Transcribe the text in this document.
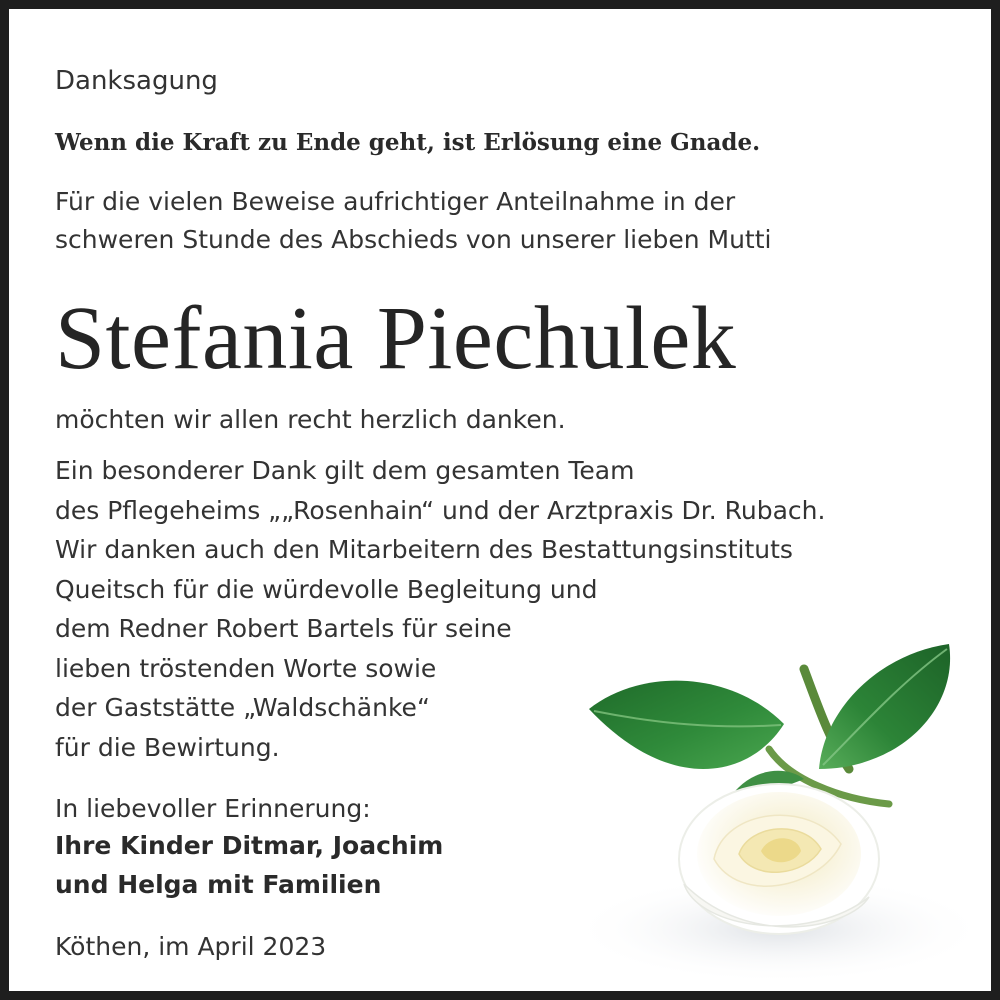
Danksagung
Wenn die Kraft zu Ende geht, ist Erlösung eine Gnade.
Für die vielen Beweise aufrichtiger Anteilnahme in der
schweren Stunde des Abschieds von unserer lieben Mutti
Stefania Piechulek
möchten wir allen recht herzlich danken.
Ein besonderer Dank gilt dem gesamten Team
des Pflegeheims „„Rosenhain“ und der Arztpraxis Dr. Rubach.
Wir danken auch den Mitarbeitern des Bestattungsinstituts
Queitsch für die würdevolle Begleitung und
dem Redner Robert Bartels für seine
lieben tröstenden Worte sowie
der Gaststätte „Waldschänke“
für die Bewirtung.
In liebevoller Erinnerung:
Ihre Kinder Ditmar, Joachim
und Helga mit Familien
Köthen, im April 2023
